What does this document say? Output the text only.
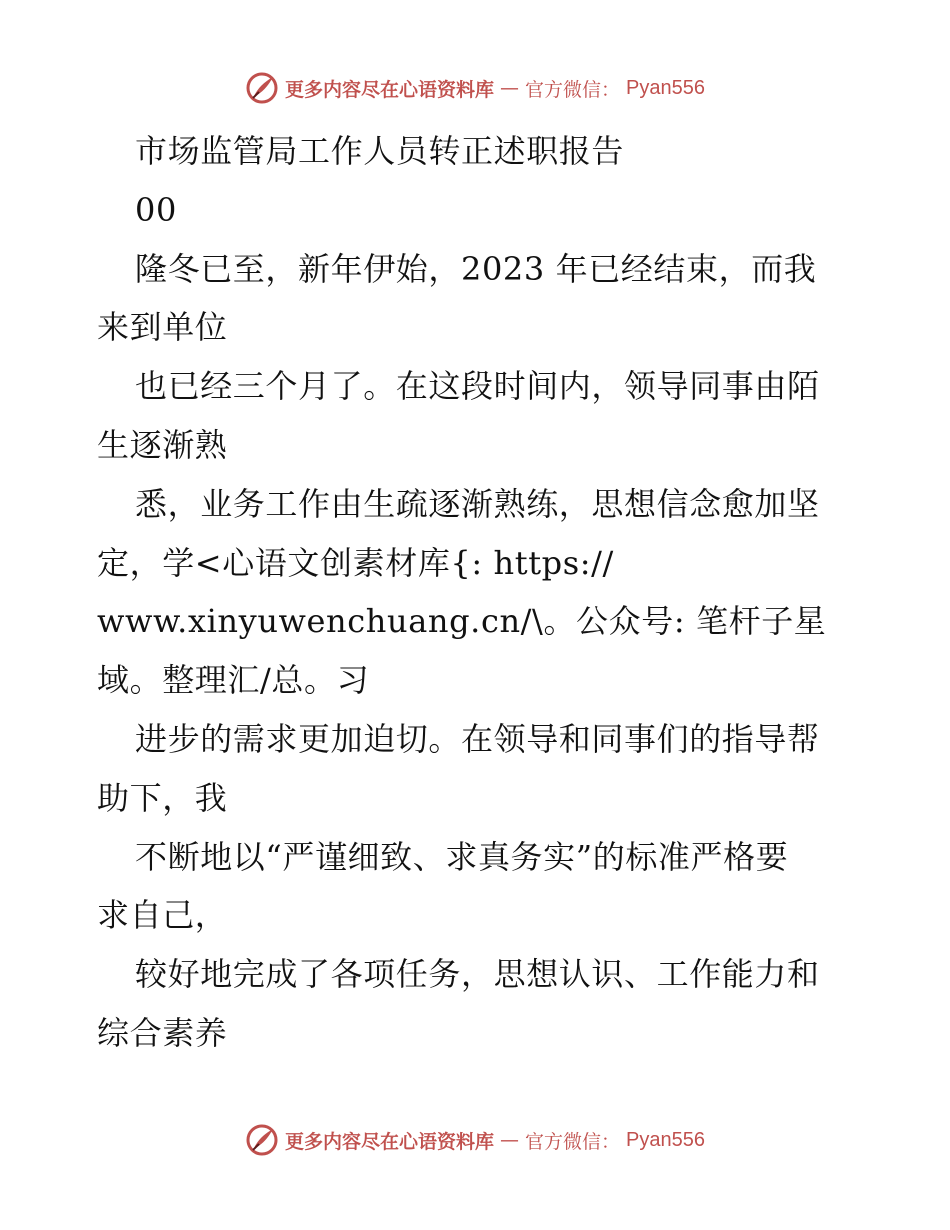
更多内容尽在心语资料库 — 官方微信： Pyan556
市场监管局工作人员转正述职报告
00
隆冬已至，新年伊始，2023 年已经结束，而我
来到单位
也已经三个月了。在这段时间内，领导同事由陌
生逐渐熟
悉，业务工作由生疏逐渐熟练，思想信念愈加坚
定，学<心语文创素材库{: https://
www.xinyuwenchuang.cn/\。公众号: 笔杆子星
域。整理汇/总。习
进步的需求更加迫切。在领导和同事们的指导帮
助下，我
不断地以“严谨细致、求真务实”的标准严格要
求自己，
较好地完成了各项任务，思想认识、工作能力和
综合素养
更多内容尽在心语资料库 — 官方微信： Pyan556
